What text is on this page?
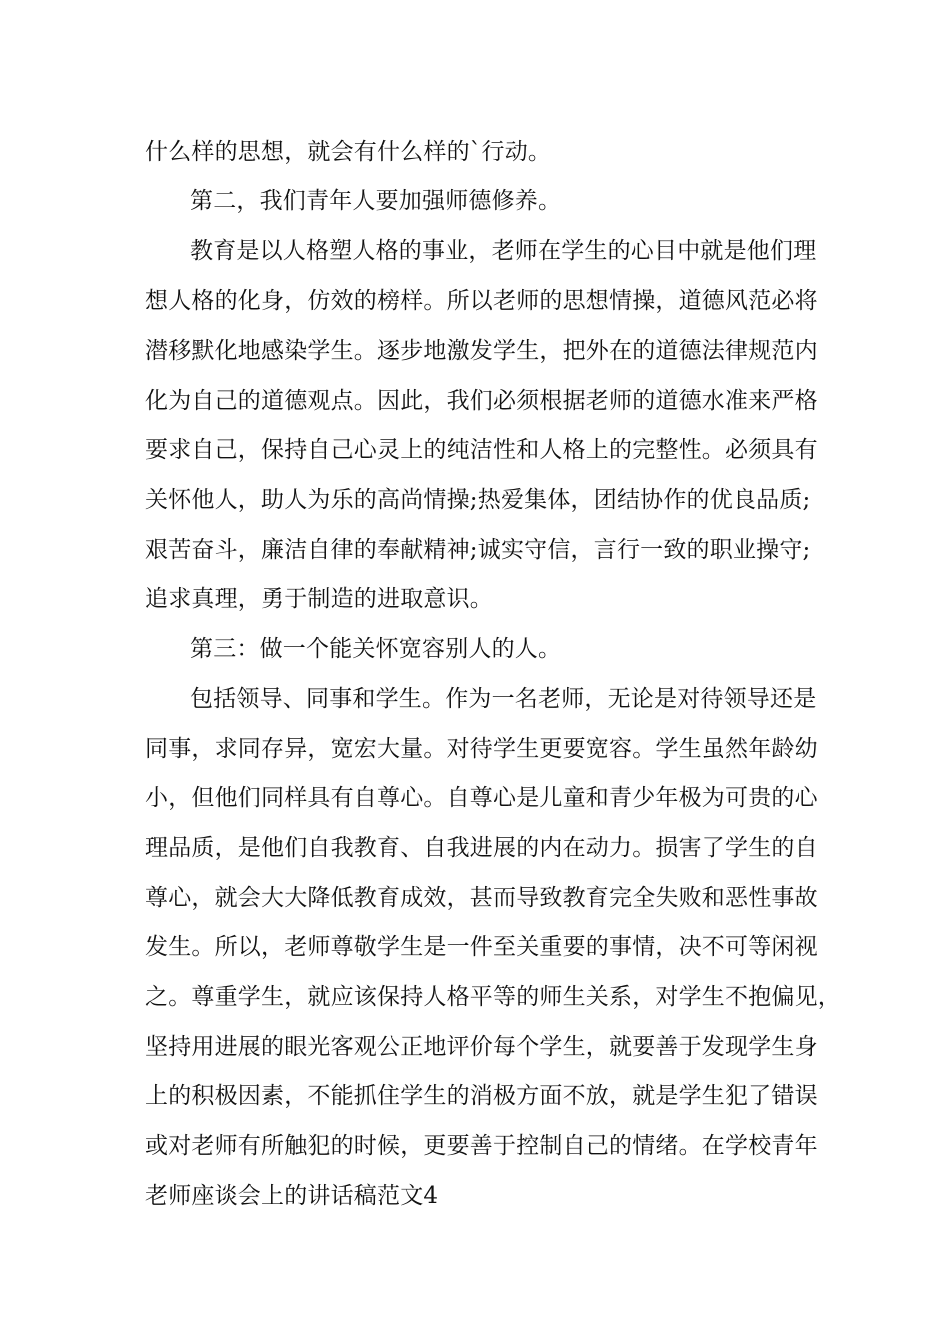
什么样的思想，就会有什么样的`行动。
第二，我们青年人要加强师德修养。
教育是以人格塑人格的事业，老师在学生的心目中就是他们理
想人格的化身，仿效的榜样。所以老师的思想情操，道德风范必将
潜移默化地感染学生。逐步地激发学生，把外在的道德法律规范内
化为自己的道德观点。因此，我们必须根据老师的道德水准来严格
要求自己，保持自己心灵上的纯洁性和人格上的完整性。必须具有
关怀他人，助人为乐的高尚情操;热爱集体，团结协作的优良品质;
艰苦奋斗，廉洁自律的奉献精神;诚实守信，言行一致的职业操守;
追求真理，勇于制造的进取意识。
第三：做一个能关怀宽容别人的人。
包括领导、同事和学生。作为一名老师，无论是对待领导还是
同事，求同存异，宽宏大量。对待学生更要宽容。学生虽然年龄幼
小，但他们同样具有自尊心。自尊心是儿童和青少年极为可贵的心
理品质，是他们自我教育、自我进展的内在动力。损害了学生的自
尊心，就会大大降低教育成效，甚而导致教育完全失败和恶性事故
发生。所以，老师尊敬学生是一件至关重要的事情，决不可等闲视
之。尊重学生，就应该保持人格平等的师生关系，对学生不抱偏见，
坚持用进展的眼光客观公正地评价每个学生，就要善于发现学生身
上的积极因素，不能抓住学生的消极方面不放，就是学生犯了错误
或对老师有所触犯的时候，更要善于控制自己的情绪。在学校青年
老师座谈会上的讲话稿范文4
